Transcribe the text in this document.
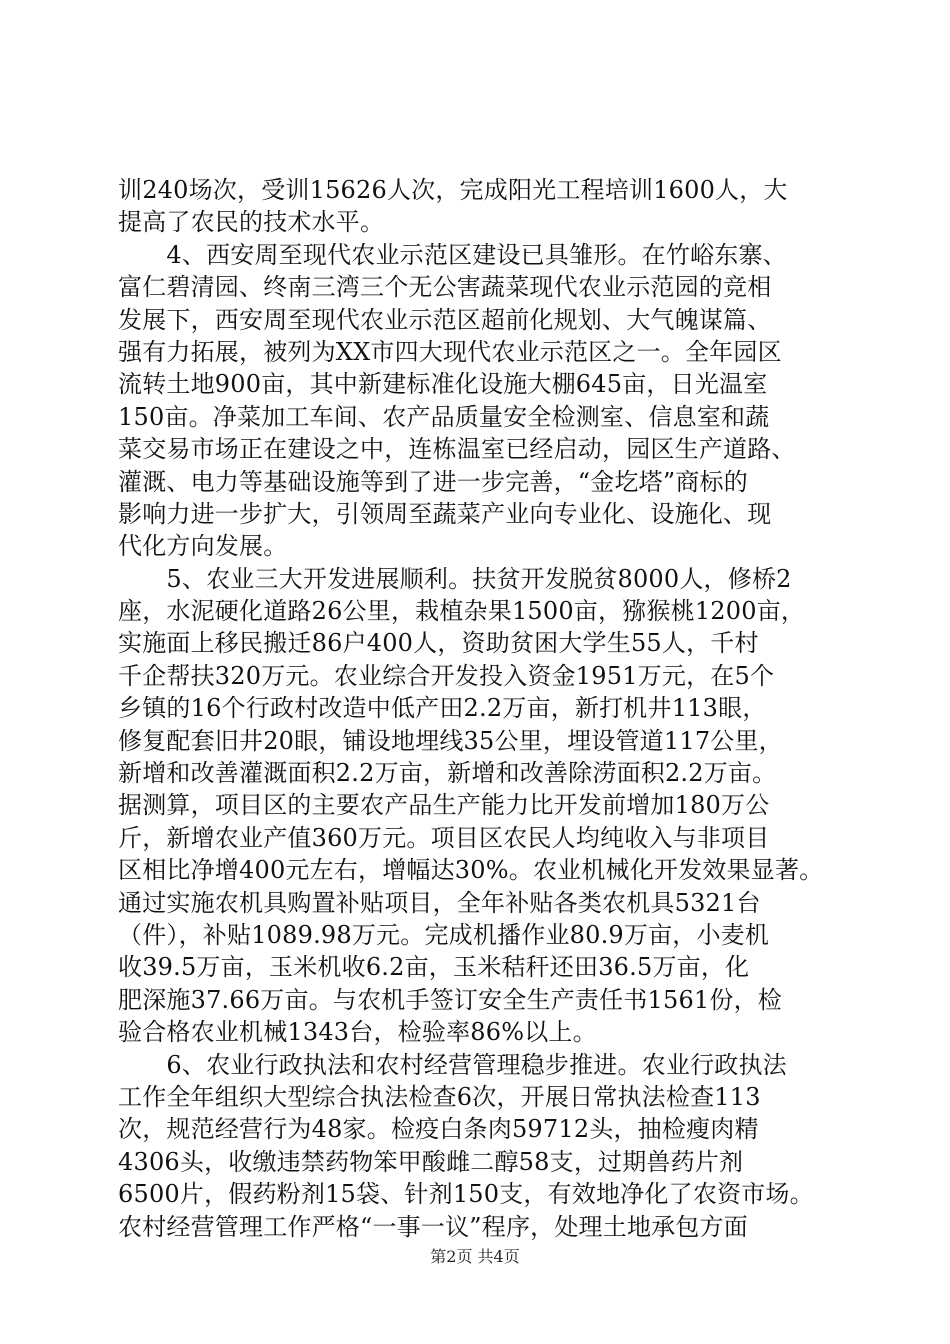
训240场次，受训15626人次，完成阳光工程培训1600人，大
提高了农民的技术水平。
　　4、西安周至现代农业示范区建设已具雏形。在竹峪东寨、
富仁碧清园、终南三湾三个无公害蔬菜现代农业示范园的竞相
发展下，西安周至现代农业示范区超前化规划、大气魄谋篇、
强有力拓展，被列为XX市四大现代农业示范区之一。全年园区
流转土地900亩，其中新建标准化设施大棚645亩，日光温室
150亩。净菜加工车间、农产品质量安全检测室、信息室和蔬
菜交易市场正在建设之中，连栋温室已经启动，园区生产道路、
灌溉、电力等基础设施等到了进一步完善，“金圪塔”商标的
影响力进一步扩大，引领周至蔬菜产业向专业化、设施化、现
代化方向发展。
　　5、农业三大开发进展顺利。扶贫开发脱贫8000人，修桥2
座，水泥硬化道路26公里，栽植杂果1500亩，猕猴桃1200亩，
实施面上移民搬迁86户400人，资助贫困大学生55人，千村
千企帮扶320万元。农业综合开发投入资金1951万元，在5个
乡镇的16个行政村改造中低产田2.2万亩，新打机井113眼，
修复配套旧井20眼，铺设地埋线35公里，埋设管道117公里，
新增和改善灌溉面积2.2万亩，新增和改善除涝面积2.2万亩。
据测算，项目区的主要农产品生产能力比开发前增加180万公
斤，新增农业产值360万元。项目区农民人均纯收入与非项目
区相比净增400元左右，增幅达30%。农业机械化开发效果显著。
通过实施农机具购置补贴项目，全年补贴各类农机具5321台
（件），补贴1089.98万元。完成机播作业80.9万亩，小麦机
收39.5万亩，玉米机收6.2亩，玉米秸秆还田36.5万亩，化
肥深施37.66万亩。与农机手签订安全生产责任书1561份，检
验合格农业机械1343台，检验率86%以上。
　　6、农业行政执法和农村经营管理稳步推进。农业行政执法
工作全年组织大型综合执法检查6次，开展日常执法检查113
次，规范经营行为48家。检疫白条肉59712头，抽检瘦肉精
4306头，收缴违禁药物笨甲酸雌二醇58支，过期兽药片剂
6500片，假药粉剂15袋、针剂150支，有效地净化了农资市场。
农村经营管理工作严格“一事一议”程序，处理土地承包方面
第2页 共4页
